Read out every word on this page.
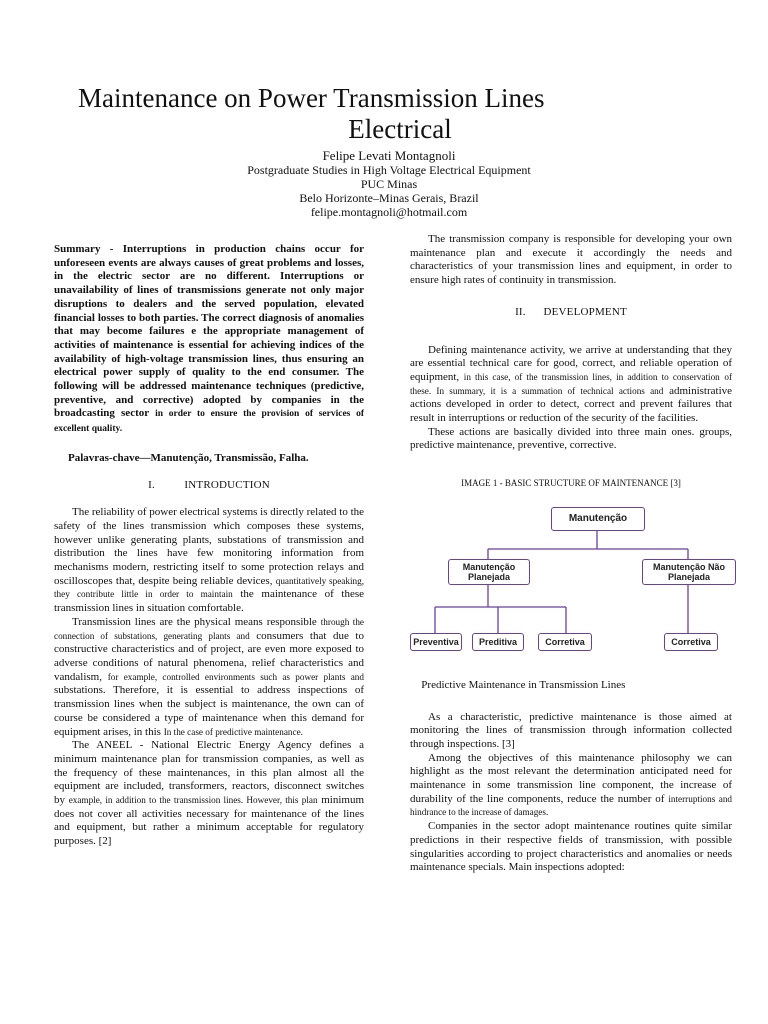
Maintenance on Power Transmission Lines
Electrical
Felipe Levati Montagnoli
Postgraduate Studies in High Voltage Electrical Equipment
PUC Minas
Belo Horizonte–Minas Gerais, Brazil
felipe.montagnoli@hotmail.com

Summary - Interruptions in production chains occur for unforeseen events are always causes of great problems and losses, in the electric sector are no different. Interruptions or unavailability of lines of transmissions generate not only major disruptions to dealers and the served population, elevated financial losses to both parties. The correct diagnosis of anomalies that may become failures e the appropriate management of activities of maintenance is essential for achieving indices of the availability of high-voltage transmission lines, thus ensuring an electrical power supply of quality to the end consumer. The following will be addressed maintenance techniques (predictive, preventive, and corrective) adopted by companies in the broadcasting sector in order to ensure the provision of services of excellent quality.

Palavras-chave—Manutenção, Transmissão, Falha.

I.          INTRODUCTION

The reliability of power electrical systems is directly related to the safety of the lines transmission which composes these systems, however unlike generating plants, substations of transmission and distribution the lines have few monitoring information from mechanisms modern, restricting itself to some protection relays and oscilloscopes that, despite being reliable devices, quantitatively speaking, they contribute little in order to maintain the maintenance of these transmission lines in situation comfortable.

Transmission lines are the physical means responsible through the connection of substations, generating plants and consumers that due to constructive characteristics and of project, are even more exposed to adverse conditions of natural phenomena, relief characteristics and vandalism, for example, controlled environments such as power plants and substations. Therefore, it is essential to address inspections of transmission lines when the subject is maintenance, the own can of course be considered a type of maintenance when this demand for equipment arises, in this In the case of predictive maintenance.

The ANEEL - National Electric Energy Agency defines a minimum maintenance plan for transmission companies, as well as the frequency of these maintenances, in this plan almost all the equipment are included, transformers, reactors, disconnect switches by example, in addition to the transmission lines. However, this plan minimum does not cover all activities necessary for maintenance of the lines and equipment, but rather a minimum acceptable for regulatory purposes. [2]

The transmission company is responsible for developing your own maintenance plan and execute it accordingly the needs and characteristics of your transmission lines and equipment, in order to ensure high rates of continuity in transmission.

II.      DEVELOPMENT

Defining maintenance activity, we arrive at understanding that they are essential technical care for good, correct, and reliable operation of equipment, in this case, of the transmission lines, in addition to conservation of these. In summary, it is a summation of technical actions and administrative actions developed in order to detect, correct and prevent failures that result in interruptions or reduction of the security of the facilities.

These actions are basically divided into three main ones. groups, predictive maintenance, preventive, corrective.

IMAGE 1 - BASIC STRUCTURE OF MAINTENANCE [3]

Manutenção
Manutenção Planejada
Manutenção Não Planejada
Preventiva	Preditiva	Corretiva	Corretiva

  Predictive Maintenance in Transmission Lines

As a characteristic, predictive maintenance is those aimed at monitoring the lines of transmission through information collected through inspections. [3]

Among the objectives of this maintenance philosophy we can highlight as the most relevant the determination anticipated need for maintenance in some transmission line component, the increase of durability of the line components, reduce the number of interruptions and hindrance to the increase of damages.

Companies in the sector adopt maintenance routines quite similar predictions in their respective fields of transmission, with possible singularities according to project characteristics and anomalies or needs maintenance specials. Main inspections adopted:
